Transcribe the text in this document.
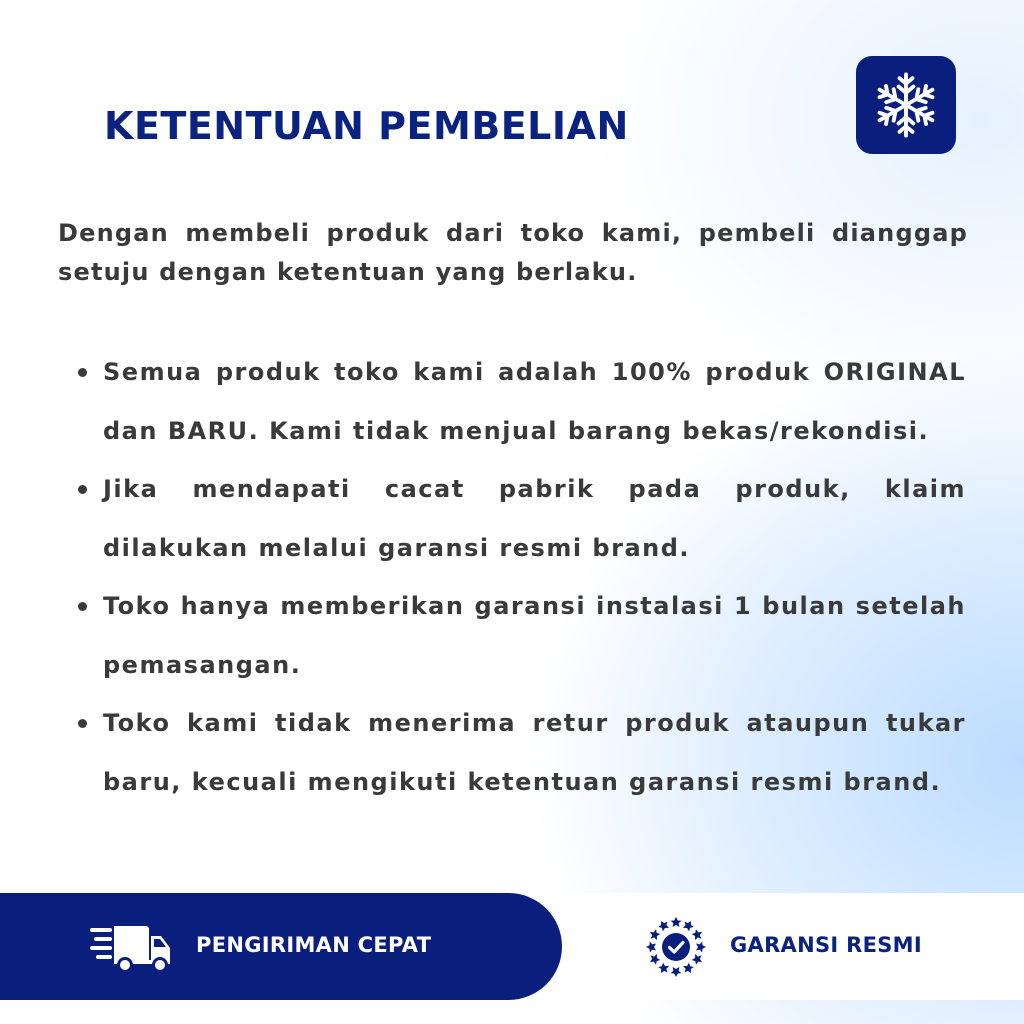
KETENTUAN PEMBELIAN

Dengan membeli produk dari toko kami, pembeli dianggap setuju dengan ketentuan yang berlaku.

Semua produk toko kami adalah 100% produk ORIGINAL dan BARU. Kami tidak menjual barang bekas/rekondisi.
Jika mendapati cacat pabrik pada produk, klaim dilakukan melalui garansi resmi brand.
Toko hanya memberikan garansi instalasi 1 bulan setelah pemasangan.
Toko kami tidak menerima retur produk ataupun tukar baru, kecuali mengikuti ketentuan garansi resmi brand.
PENGIRIMAN CEPAT	GARANSI RESMI
